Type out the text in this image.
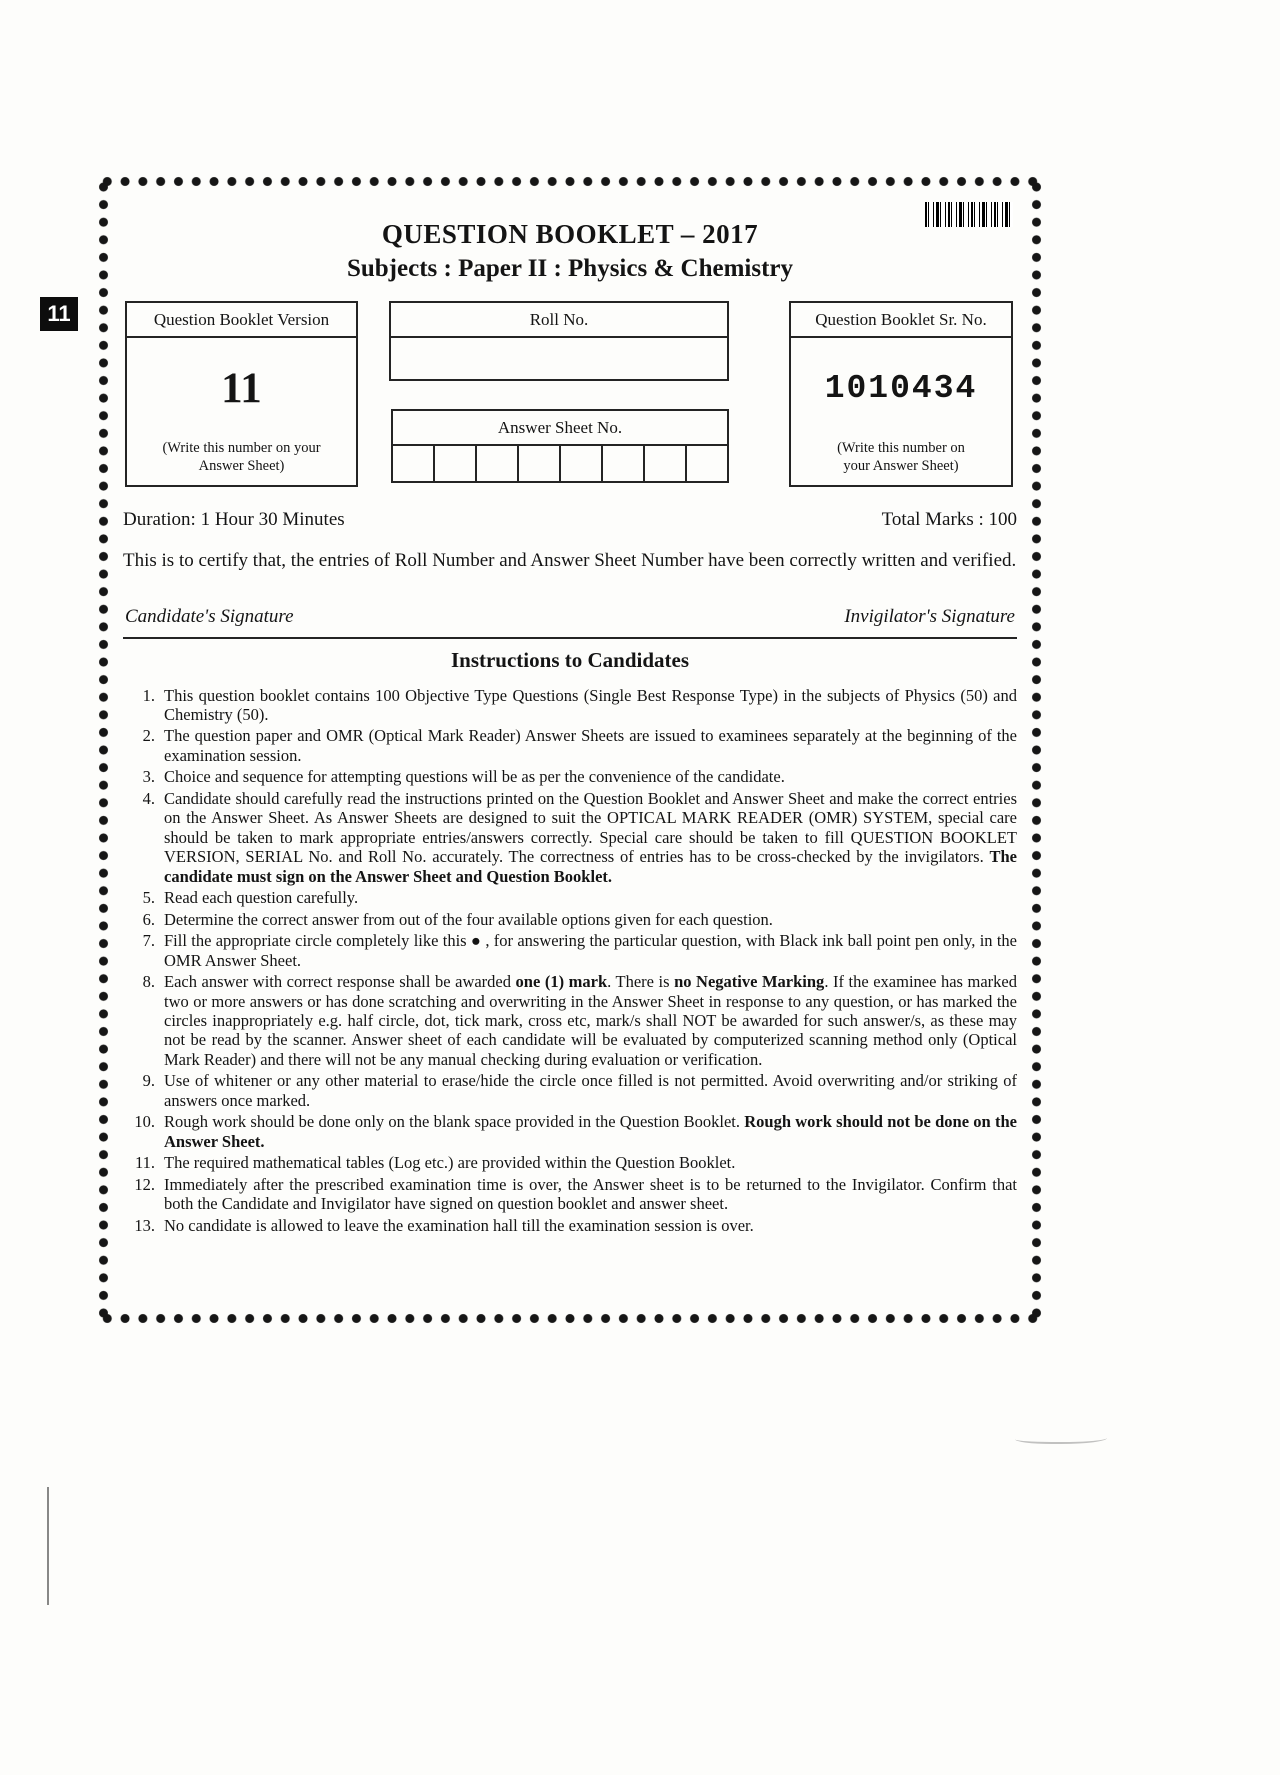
11
QUESTION BOOKLET – 2017
Subjects : Paper II : Physics & Chemistry
Question Booklet Version
11
(Write this number on your Answer Sheet)
Roll No.
Answer Sheet No.
Question Booklet Sr. No.
1010434
(Write this number on your Answer Sheet)
Duration: 1 Hour 30 Minutes	Total Marks : 100
This is to certify that, the entries of Roll Number and Answer Sheet Number have been correctly written and verified.
Candidate's Signature	Invigilator's Signature
Instructions to Candidates
1. This question booklet contains 100 Objective Type Questions (Single Best Response Type) in the subjects of Physics (50) and Chemistry (50).
2. The question paper and OMR (Optical Mark Reader) Answer Sheets are issued to examinees separately at the beginning of the examination session.
3. Choice and sequence for attempting questions will be as per the convenience of the candidate.
4. Candidate should carefully read the instructions printed on the Question Booklet and Answer Sheet and make the correct entries on the Answer Sheet. As Answer Sheets are designed to suit the OPTICAL MARK READER (OMR) SYSTEM, special care should be taken to mark appropriate entries/answers correctly. Special care should be taken to fill QUESTION BOOKLET VERSION, SERIAL No. and Roll No. accurately. The correctness of entries has to be cross-checked by the invigilators. The candidate must sign on the Answer Sheet and Question Booklet.
5. Read each question carefully.
6. Determine the correct answer from out of the four available options given for each question.
7. Fill the appropriate circle completely like this ● , for answering the particular question, with Black ink ball point pen only, in the OMR Answer Sheet.
8. Each answer with correct response shall be awarded one (1) mark. There is no Negative Marking. If the examinee has marked two or more answers or has done scratching and overwriting in the Answer Sheet in response to any question, or has marked the circles inappropriately e.g. half circle, dot, tick mark, cross etc, mark/s shall NOT be awarded for such answer/s, as these may not be read by the scanner. Answer sheet of each candidate will be evaluated by computerized scanning method only (Optical Mark Reader) and there will not be any manual checking during evaluation or verification.
9. Use of whitener or any other material to erase/hide the circle once filled is not permitted. Avoid overwriting and/or striking of answers once marked.
10. Rough work should be done only on the blank space provided in the Question Booklet. Rough work should not be done on the Answer Sheet.
11. The required mathematical tables (Log etc.) are provided within the Question Booklet.
12. Immediately after the prescribed examination time is over, the Answer sheet is to be returned to the Invigilator. Confirm that both the Candidate and Invigilator have signed on question booklet and answer sheet.
13. No candidate is allowed to leave the examination hall till the examination session is over.
